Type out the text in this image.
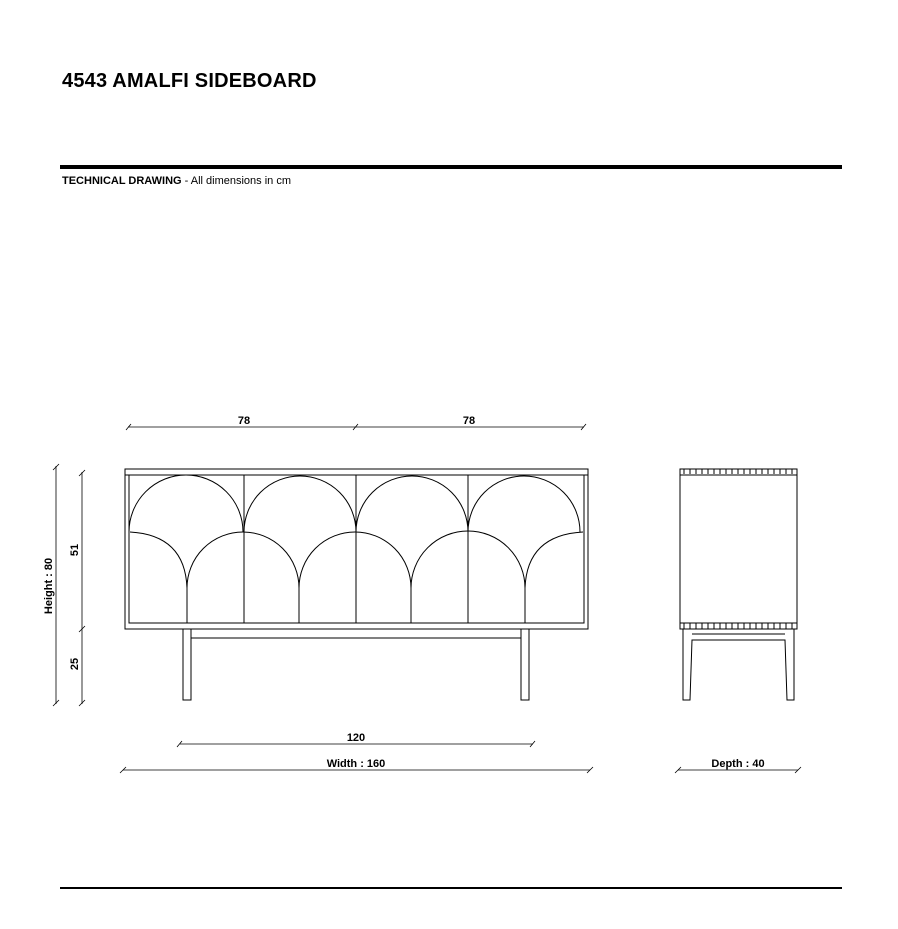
4543 AMALFI SIDEBOARD
TECHNICAL DRAWING - All dimensions in cm
78	78
Height : 80
51
25
120
Width : 160	Depth : 40
